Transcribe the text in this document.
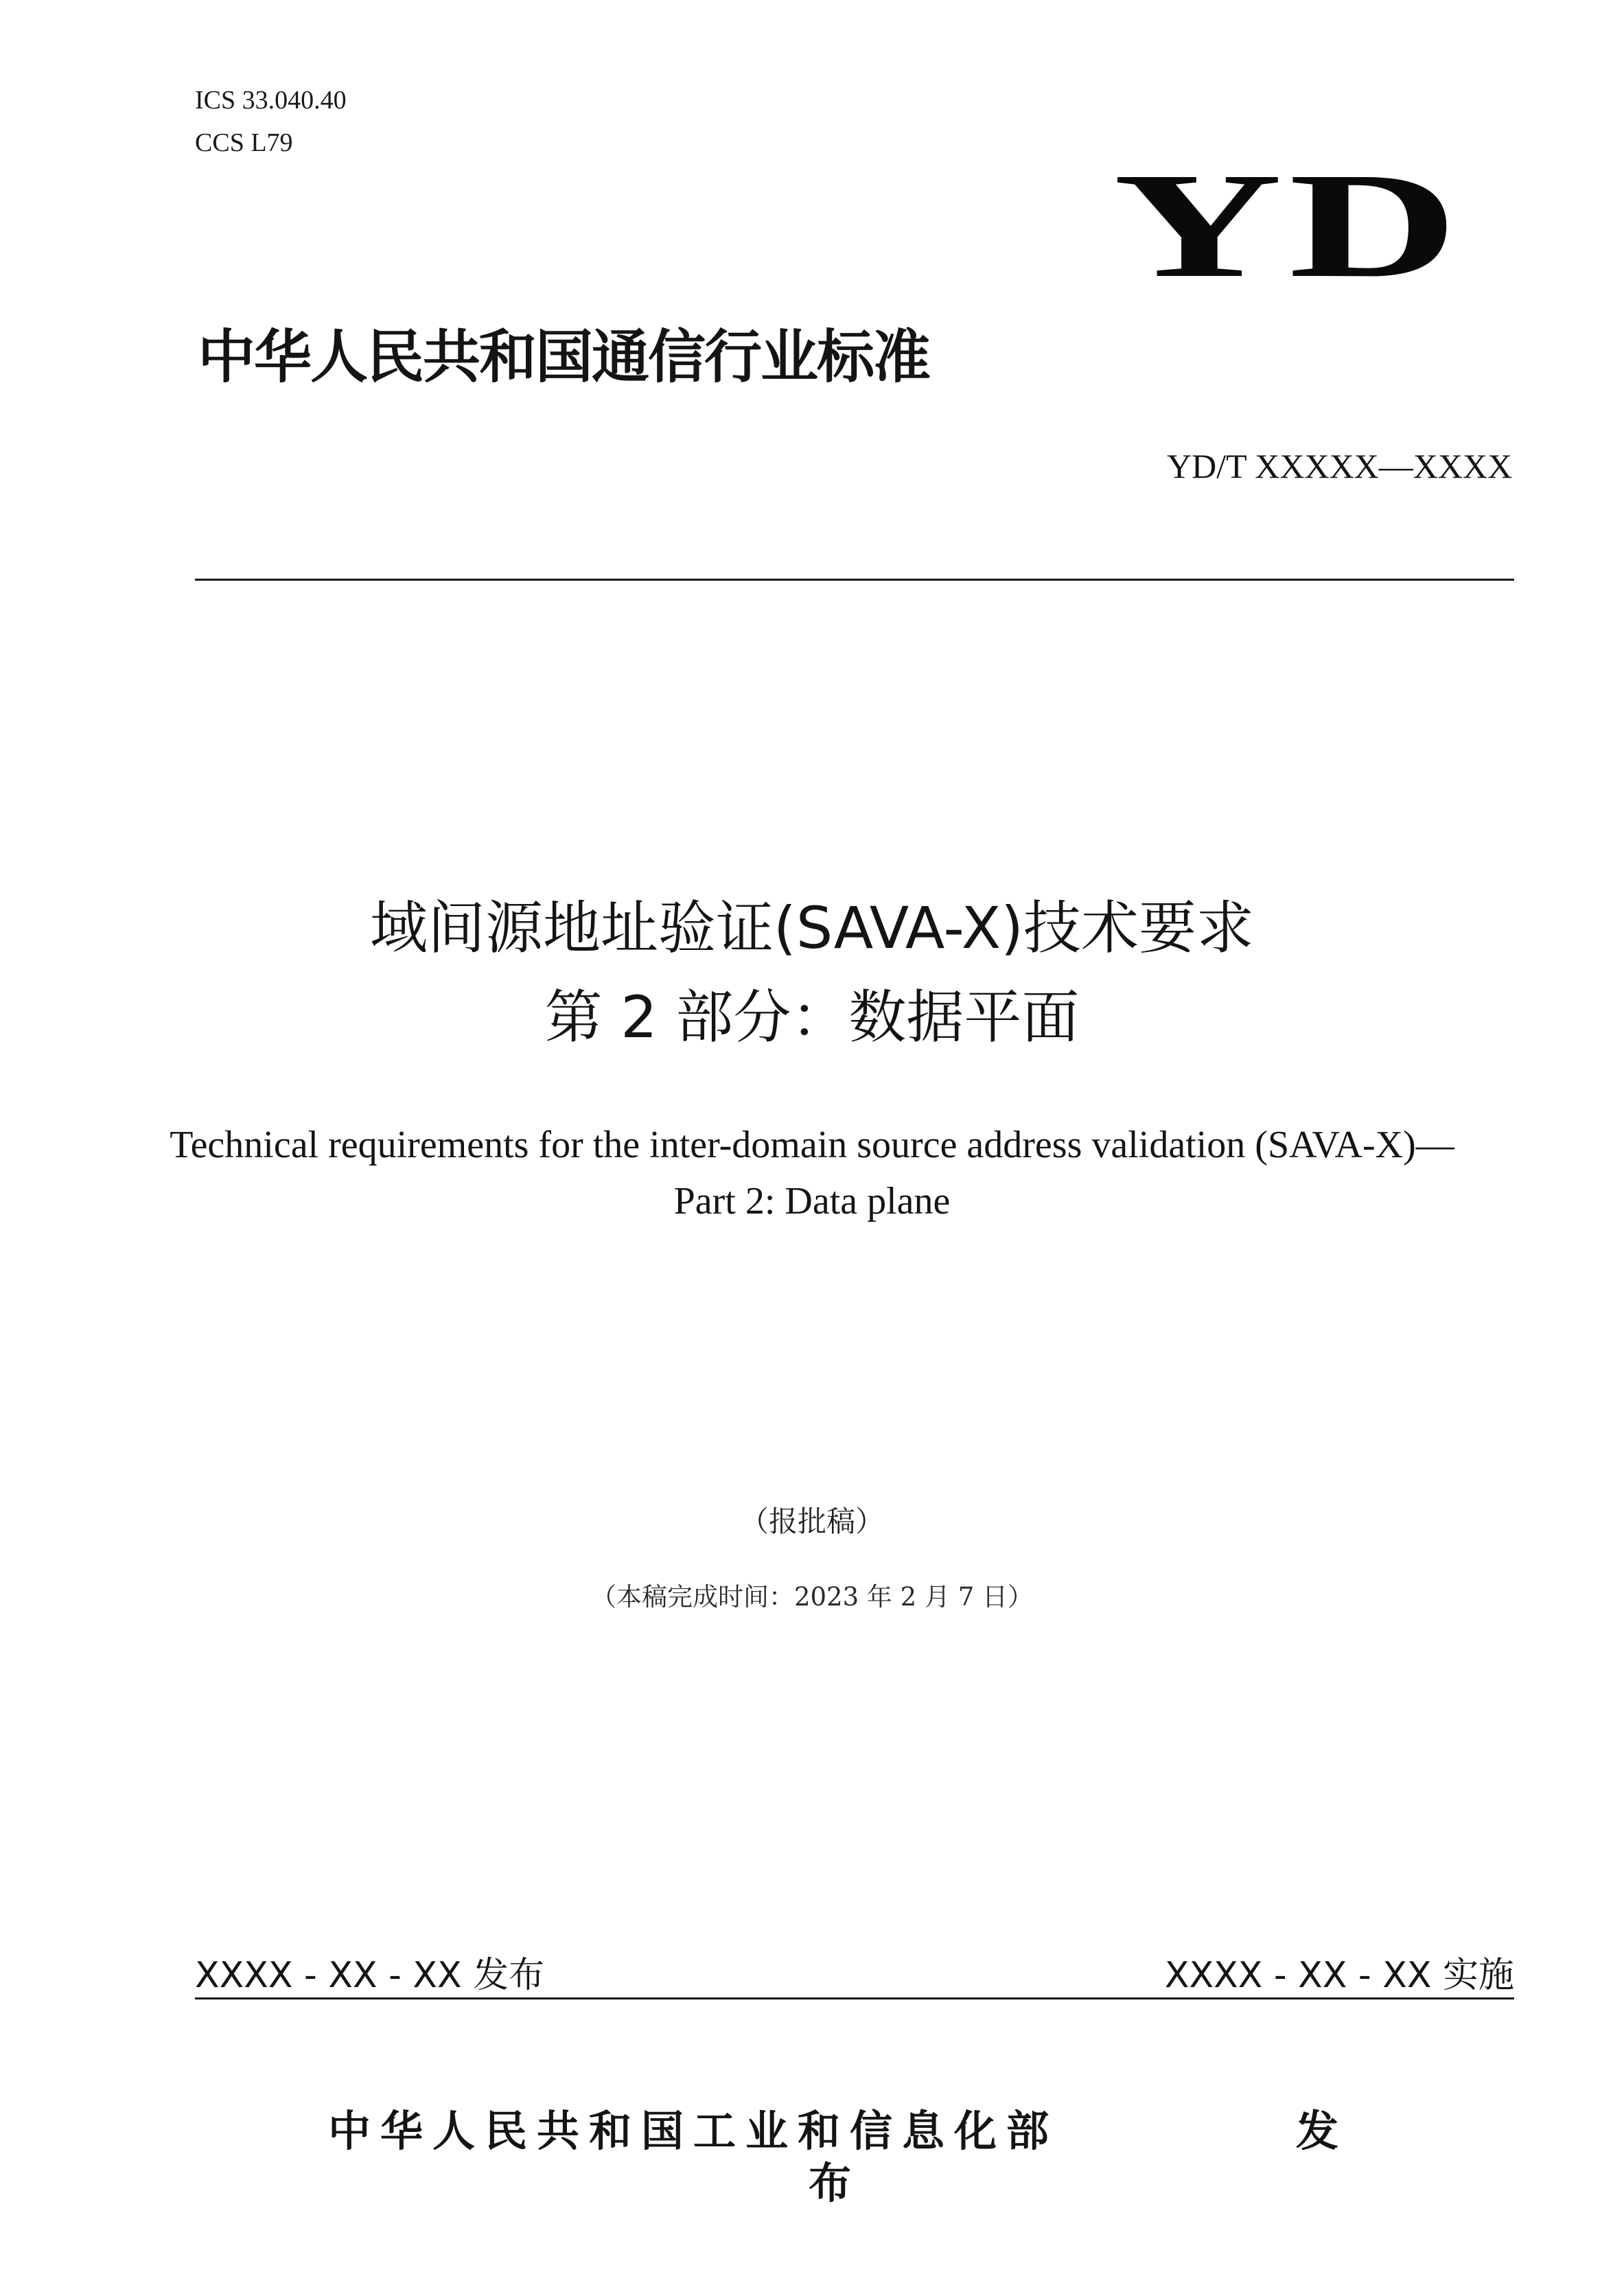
ICS 33.040.40
CCS L79	YD
中华人民共和国通信行业标准
YD/T XXXXX—XXXX
域间源地址验证(SAVA-X)技术要求
第 2 部分：数据平面
Technical requirements for the inter-domain source address validation (SAVA-X)—
Part 2: Data plane
（报批稿）
（本稿完成时间：2023 年 2 月 7 日）
XXXX - XX - XX 发布	XXXX - XX - XX 实施
中华人民共和国工业和信息化部	发
布
